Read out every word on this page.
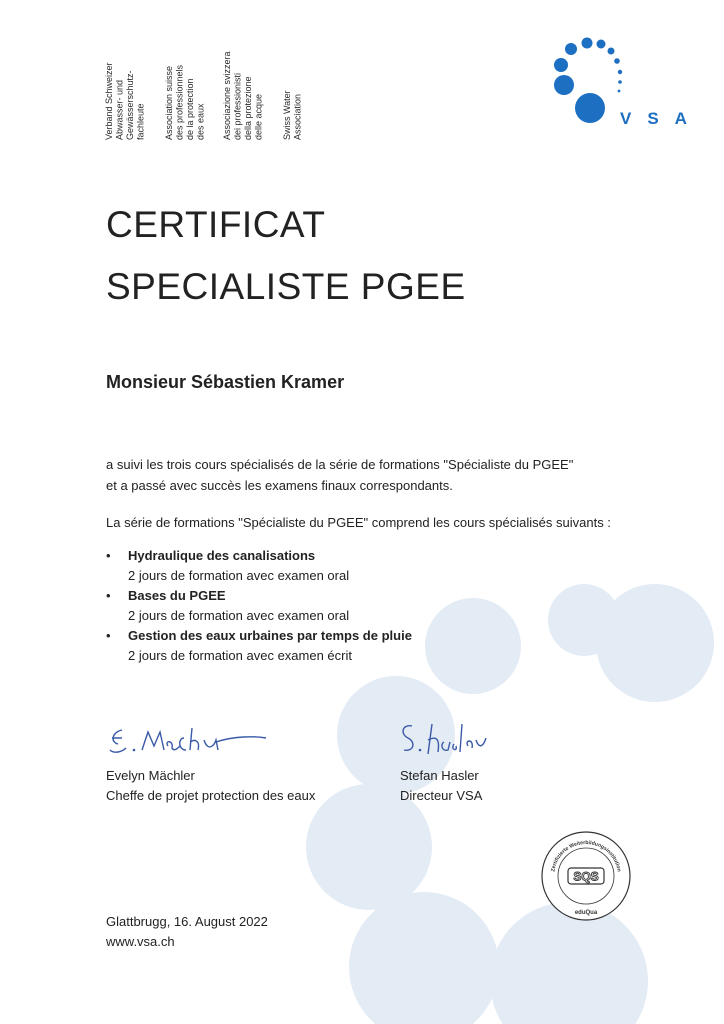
Verband Schweizer Abwasser- und Gewässerschutz- fachleute Association suisse des professionnels de la protection des eaux Associazione svizzera dei professionisti della protezione delle acque Swiss Water Association	VSA
CERTIFICAT
SPECIALISTE PGEE
Monsieur Sébastien Kramer
a suivi les trois cours spécialisés de la série de formations "Spécialiste du PGEE"
et a passé avec succès les examens finaux correspondants.
La série de formations "Spécialiste du PGEE" comprend les cours spécialisés suivants :
• Hydraulique des canalisations
2 jours de formation avec examen oral
• Bases du PGEE
2 jours de formation avec examen oral
• Gestion des eaux urbaines par temps de pluie
2 jours de formation avec examen écrit
Evelyn Mächler
Cheffe de projet protection des eaux
Stefan Hasler
Directeur VSA
Zertifizierte Weiterbildungsinstitution
SQS
eduQua
Glattbrugg, 16. August 2022
www.vsa.ch
